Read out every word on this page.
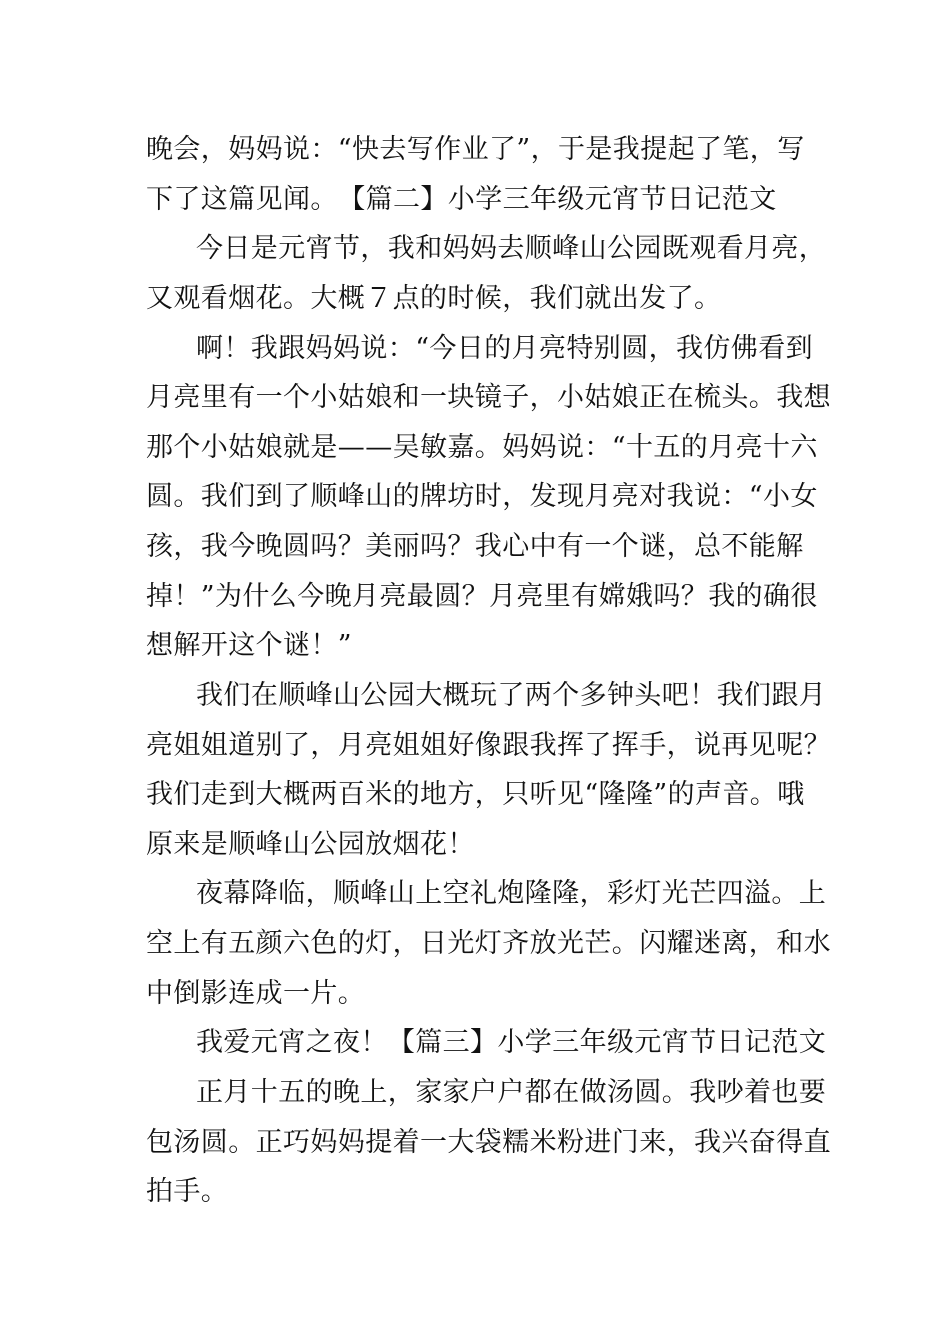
晚会，妈妈说：“快去写作业了”，于是我提起了笔，写
下了这篇见闻。　【篇二】小学三年级元宵节日记范文
今日是元宵节，我和妈妈去顺峰山公园既观看月亮，
又观看烟花。大概７点的时候，我们就出发了。
啊！我跟妈妈说：“今日的月亮特别圆，我仿佛看到
月亮里有一个小姑娘和一块镜子，小姑娘正在梳头。我想
那个小姑娘就是——吴敏嘉。妈妈说：“十五的月亮十六
圆。我们到了顺峰山的牌坊时，发现月亮对我说：“小女
孩，我今晚圆吗？美丽吗？我心中有一个谜，总不能解
掉！”为什么今晚月亮最圆？月亮里有嫦娥吗？我的确很
想解开这个谜！”
我们在顺峰山公园大概玩了两个多钟头吧！我们跟月
亮姐姐道别了，月亮姐姐好像跟我挥了挥手，说再见呢？
我们走到大概两百米的地方，只听见“隆隆”的声音。哦
原来是顺峰山公园放烟花！
夜幕降临，顺峰山上空礼炮隆隆，彩灯光芒四溢。上
空上有五颜六色的灯，日光灯齐放光芒。闪耀迷离，和水
中倒影连成一片。
我爱元宵之夜！【篇三】小学三年级元宵节日记范文
正月十五的晚上，家家户户都在做汤圆。我吵着也要
包汤圆。正巧妈妈提着一大袋糯米粉进门来，我兴奋得直
拍手。
